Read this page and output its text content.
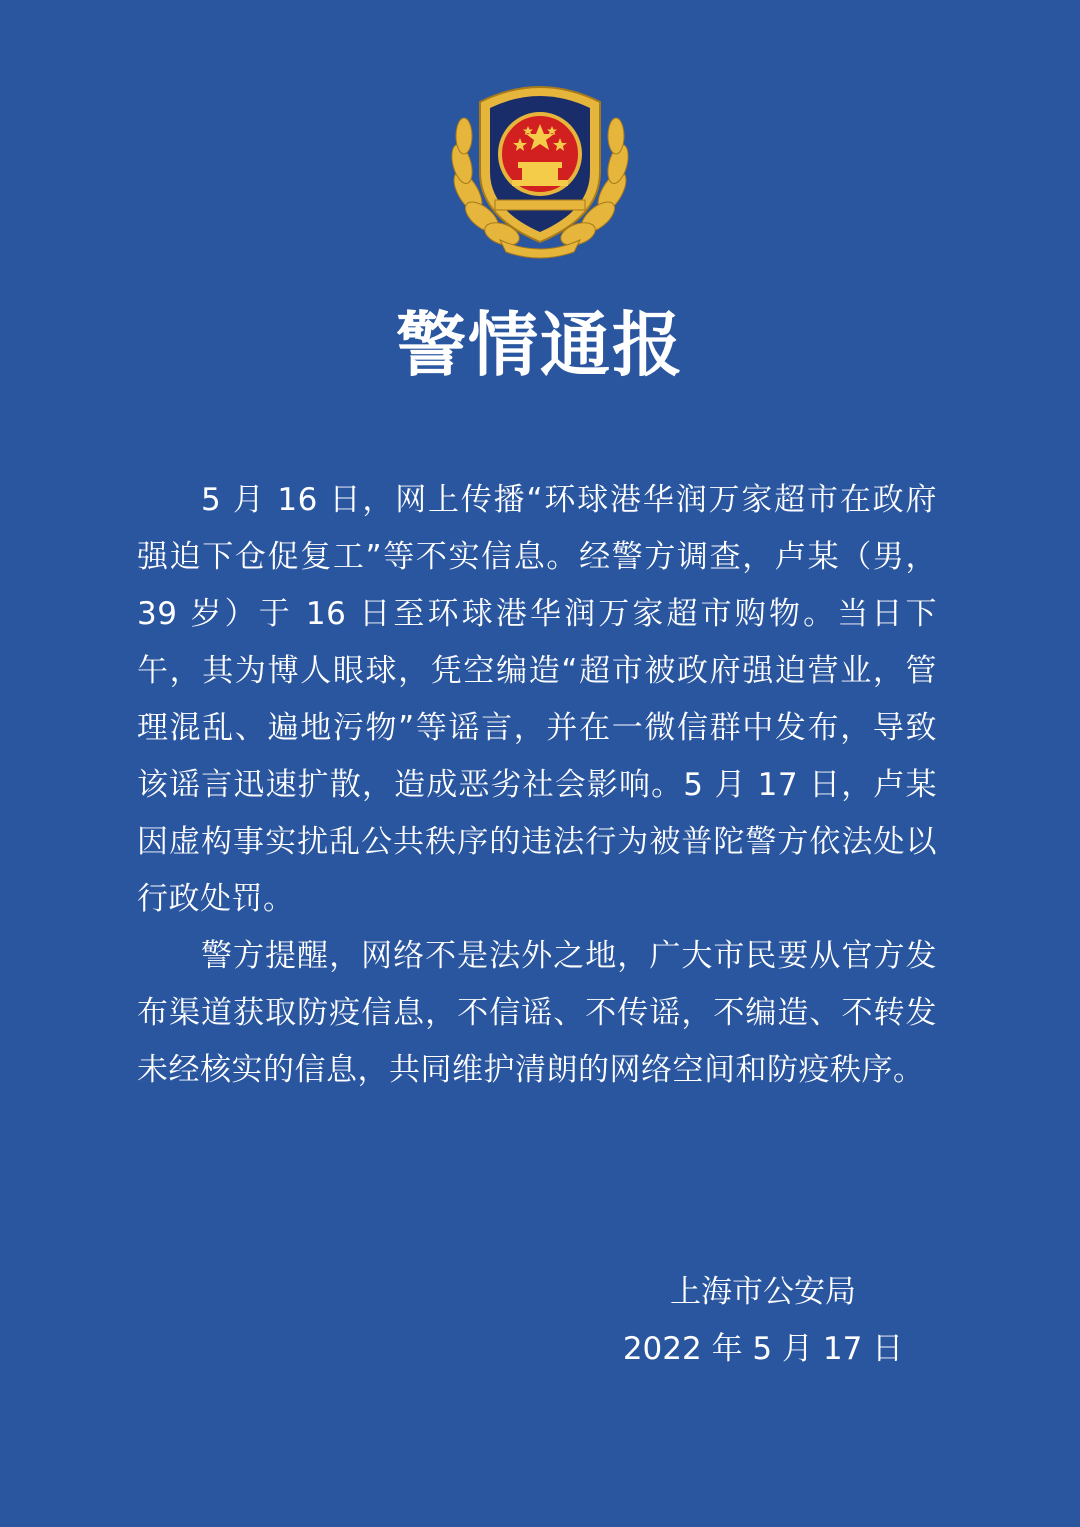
警情通报

5 月 16 日，网上传播“环球港华润万家超市在政府强迫下仓促复工”等不实信息。经警方调查，卢某（男，39 岁）于 16 日至环球港华润万家超市购物。当日下午，其为博人眼球，凭空编造“超市被政府强迫营业，管理混乱、遍地污物”等谣言，并在一微信群中发布，导致该谣言迅速扩散，造成恶劣社会影响。5 月 17 日，卢某因虚构事实扰乱公共秩序的违法行为被普陀警方依法处以行政处罚。

警方提醒，网络不是法外之地，广大市民要从官方发布渠道获取防疫信息，不信谣、不传谣，不编造、不转发未经核实的信息，共同维护清朗的网络空间和防疫秩序。

上海市公安局
2022 年 5 月 17 日
